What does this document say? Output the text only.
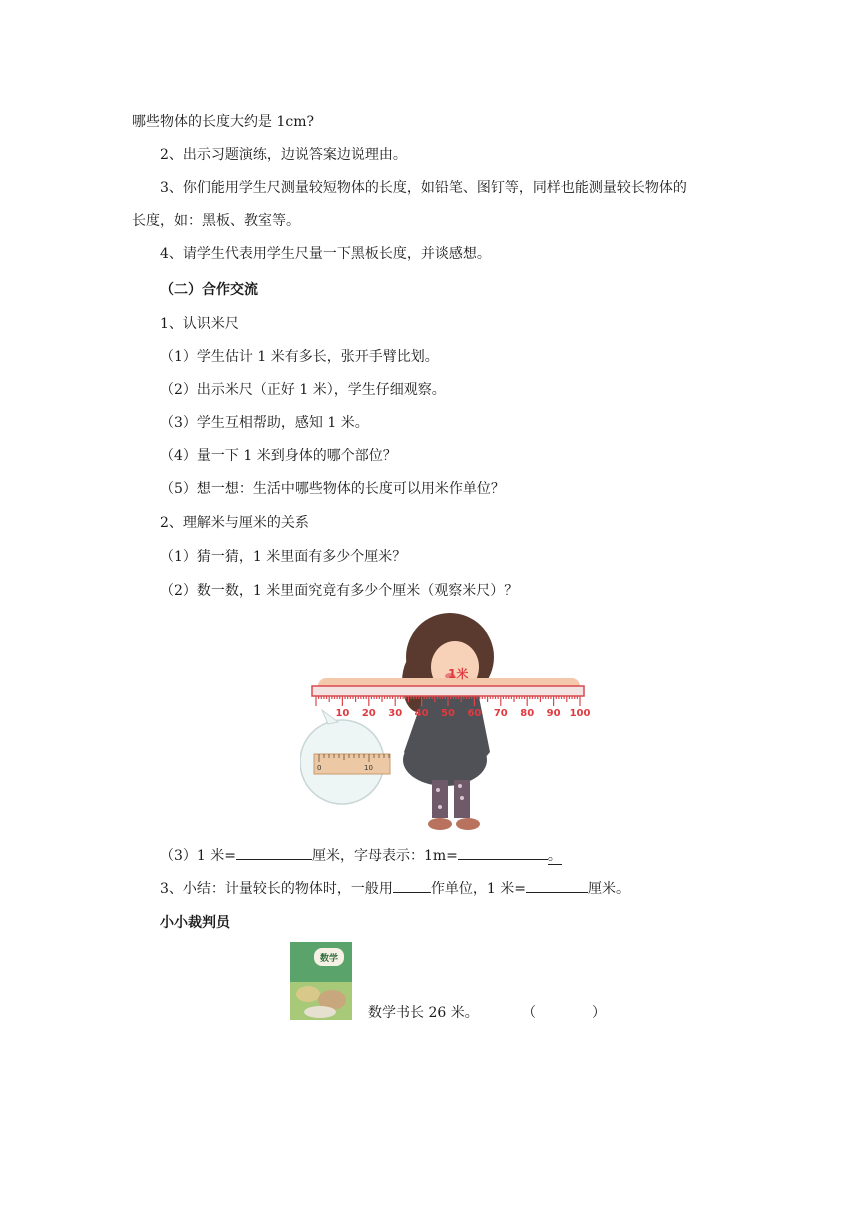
哪些物体的长度大约是 1cm?
2、出示习题演练，边说答案边说理由。
3、你们能用学生尺测量较短物体的长度，如铅笔、图钉等，同样也能测量较长物体的
长度，如：黑板、教室等。
4、请学生代表用学生尺量一下黑板长度，并谈感想。
（二）合作交流
1、认识米尺
（1）学生估计 1 米有多长，张开手臂比划。
（2）出示米尺（正好 1 米），学生仔细观察。
（3）学生互相帮助，感知 1 米。
（4）量一下 1 米到身体的哪个部位？
（5）想一想：生活中哪些物体的长度可以用米作单位？
2、理解米与厘米的关系
（1）猜一猜，1 米里面有多少个厘米？
（2）数一数，1 米里面究竟有多少个厘米（观察米尺）？
10 20 30 40 50 60 70 80 90 100
1米
0	10
（3）1 米=	厘米，字母表示：1m=	。
3、小结：计量较长的物体时，一般用	作单位，1 米=	厘米。
小小裁判员
数学
数学书长 26 米。	（　　　　）
